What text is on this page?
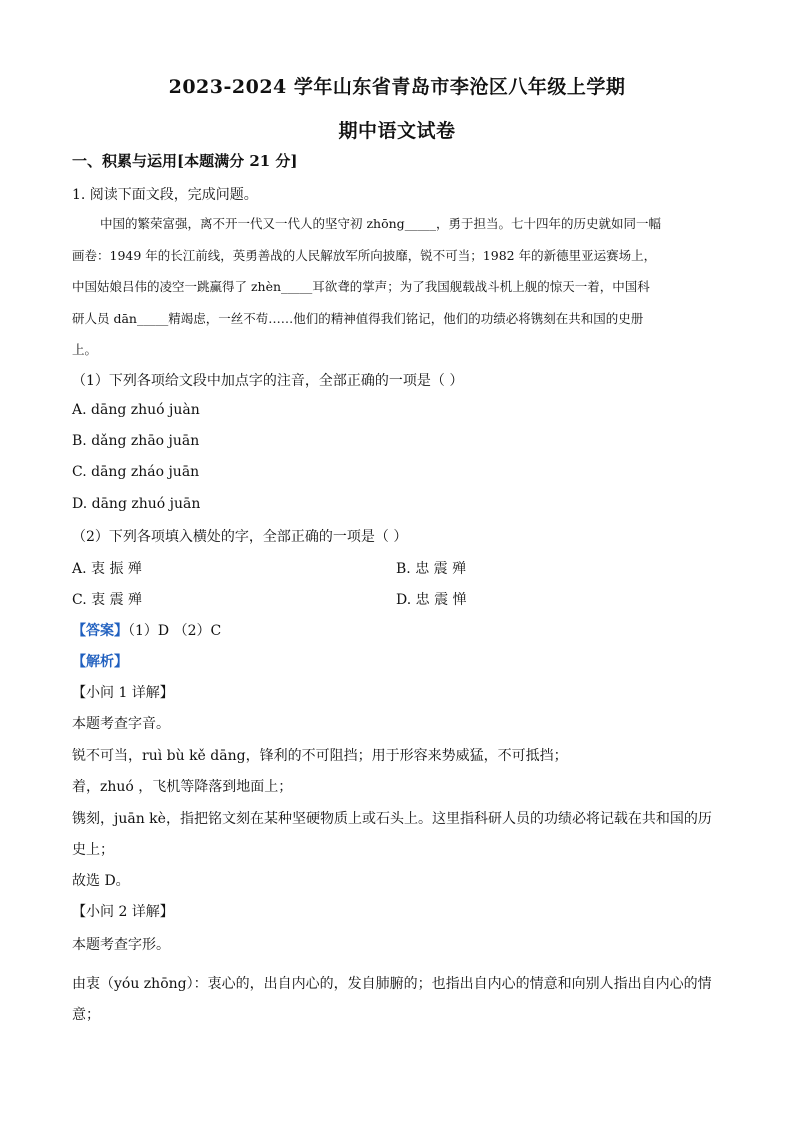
2023-2024 学年山东省青岛市李沧区八年级上学期
期中语文试卷
一、积累与运用[本题满分 21 分]
1. 阅读下面文段，完成问题。
中国的繁荣富强，离不开一代又一代人的坚守初 zhōng_____，勇于担当。七十四年的历史就如同一幅
画卷：1949 年的长江前线，英勇善战的人民解放军所向披靡，锐不可当；1982 年的新德里亚运赛场上，
中国姑娘吕伟的凌空一跳赢得了 zhèn_____耳欲聋的掌声；为了我国舰载战斗机上舰的惊天一着，中国科
研人员 dān_____精竭虑，一丝不苟……他们的精神值得我们铭记，他们的功绩必将镌刻在共和国的史册
上。
（1）下列各项给文段中加点字的注音，全部正确的一项是（ ）
A. dāng zhuó juàn
B. dǎng zhāo juān
C. dāng zháo juān
D. dāng zhuó juān
（2）下列各项填入横处的字，全部正确的一项是（ ）
A. 衷 振 殚	B. 忠 震 殚
C. 衷 震 殚	D. 忠 震 惮
【答案】（1）D （2）C
【解析】
【小问 1 详解】
本题考查字音。
锐不可当，ruì bù kě dāng，锋利的不可阻挡；用于形容来势威猛，不可抵挡；
着，zhuó ，飞机等降落到地面上；
镌刻，juān kè，指把铭文刻在某种坚硬物质上或石头上。这里指科研人员的功绩必将记载在共和国的历
史上；
故选 D。
【小问 2 详解】
本题考查字形。
由衷（yóu zhōng）：衷心的，出自内心的，发自肺腑的；也指出自内心的情意和向别人指出自内心的情
意；
